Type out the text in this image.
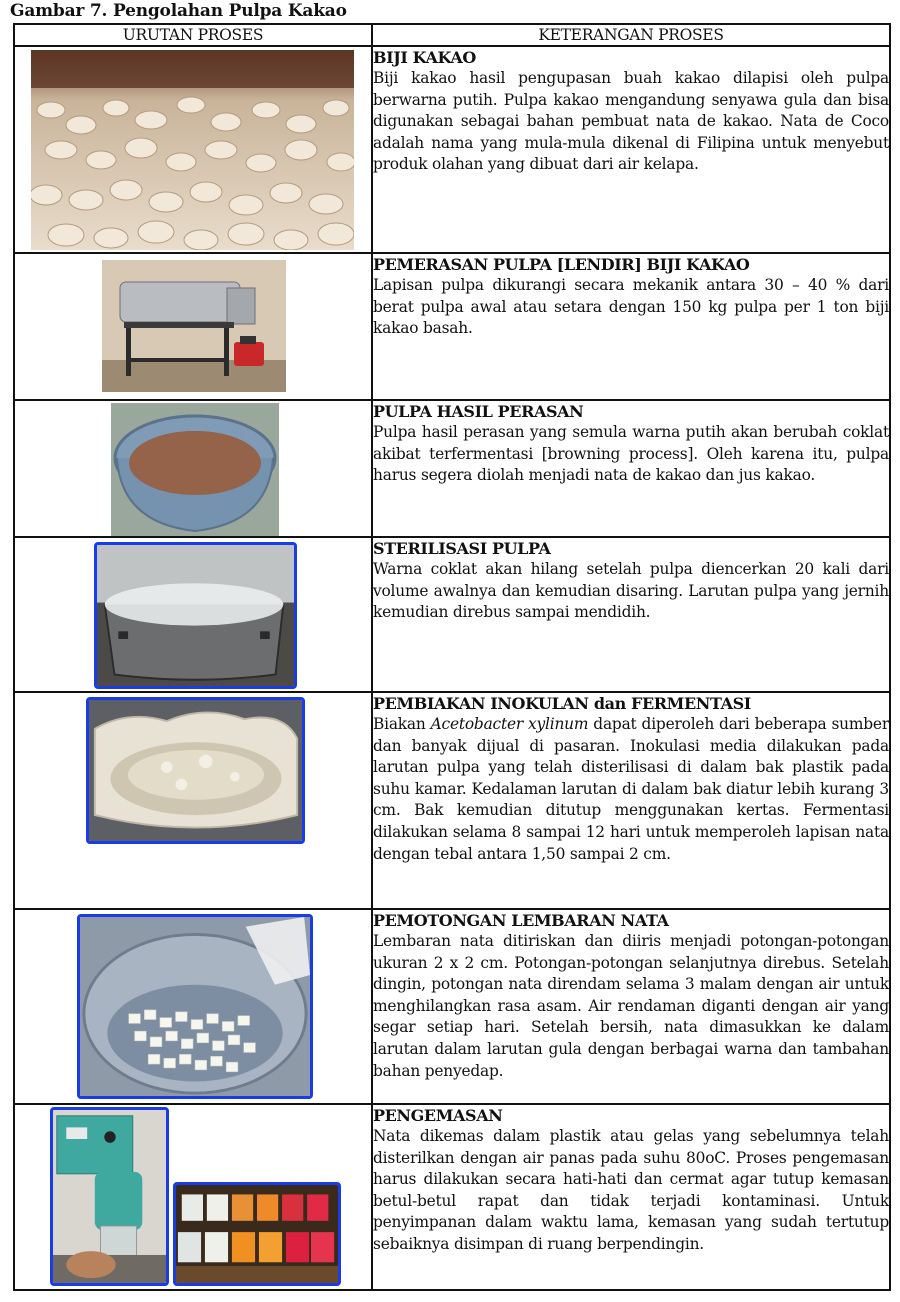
Gambar 7. Pengolahan Pulpa Kakao
URUTAN PROSES	KETERANGAN PROSES

BIJI KAKAO

Biji kakao hasil pengupasan buah kakao dilapisi oleh pulpa berwarna putih. Pulpa kakao mengandung senyawa gula dan bisa digunakan sebagai bahan pembuat nata de kakao. Nata de Coco adalah nama yang mula-mula dikenal di Filipina untuk menyebut produk olahan yang dibuat dari air kelapa.

PEMERASAN PULPA [LENDIR] BIJI KAKAO

Lapisan pulpa dikurangi secara mekanik antara 30 – 40 % dari berat pulpa awal atau setara dengan 150 kg pulpa per 1 ton biji kakao basah.

PULPA HASIL PERASAN

Pulpa hasil perasan yang semula warna putih akan berubah coklat akibat terfermentasi [browning process]. Oleh karena itu, pulpa harus segera diolah menjadi nata de kakao dan jus kakao.

STERILISASI PULPA

Warna coklat akan hilang setelah pulpa diencerkan 20 kali dari volume awalnya dan kemudian disaring. Larutan pulpa yang jernih kemudian direbus sampai mendidih.

PEMBIAKAN INOKULAN dan FERMENTASI

Biakan Acetobacter xylinum dapat diperoleh dari beberapa sumber dan banyak dijual di pasaran. Inokulasi media dilakukan pada larutan pulpa yang telah disterilisasi di dalam bak plastik pada suhu kamar. Kedalaman larutan di dalam bak diatur lebih kurang 3 cm. Bak kemudian ditutup menggunakan kertas. Fermentasi dilakukan selama 8 sampai 12 hari untuk memperoleh lapisan nata dengan tebal antara 1,50 sampai 2 cm.

PEMOTONGAN LEMBARAN NATA

Lembaran nata ditiriskan dan diiris menjadi potongan-potongan ukuran 2 x 2 cm. Potongan-potongan selanjutnya direbus. Setelah dingin, potongan nata direndam selama 3 malam dengan air untuk menghilangkan rasa asam. Air rendaman diganti dengan air yang segar setiap hari. Setelah bersih, nata dimasukkan ke dalam larutan dalam larutan gula dengan berbagai warna dan tambahan bahan penyedap.

PENGEMASAN

Nata dikemas dalam plastik atau gelas yang sebelumnya telah disterilkan dengan air panas pada suhu 80oC. Proses pengemasan harus dilakukan secara hati-hati dan cermat agar tutup kemasan betul-betul rapat dan tidak terjadi kontaminasi. Untuk penyimpanan dalam waktu lama, kemasan yang sudah tertutup sebaiknya disimpan di ruang berpendingin.
